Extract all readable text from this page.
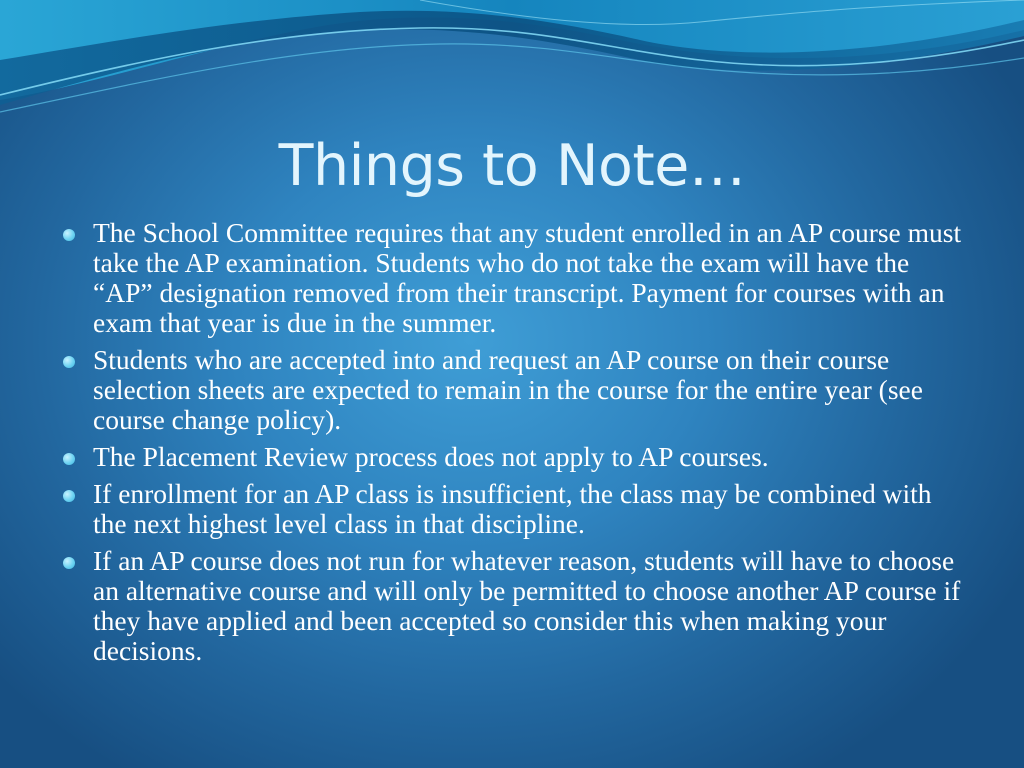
Things to Note…
The School Committee requires that any student enrolled in an AP course must take the AP examination. Students who do not take the exam will have the “AP” designation removed from their transcript. Payment for courses with an exam that year is due in the summer.
Students who are accepted into and request an AP course on their course selection sheets are expected to remain in the course for the entire year (see course change policy).
The Placement Review process does not apply to AP courses.
If enrollment for an AP class is insufficient, the class may be combined with the next highest level class in that discipline.
If an AP course does not run for whatever reason, students will have to choose an alternative course and will only be permitted to choose another AP course if they have applied and been accepted so consider this when making your decisions.
